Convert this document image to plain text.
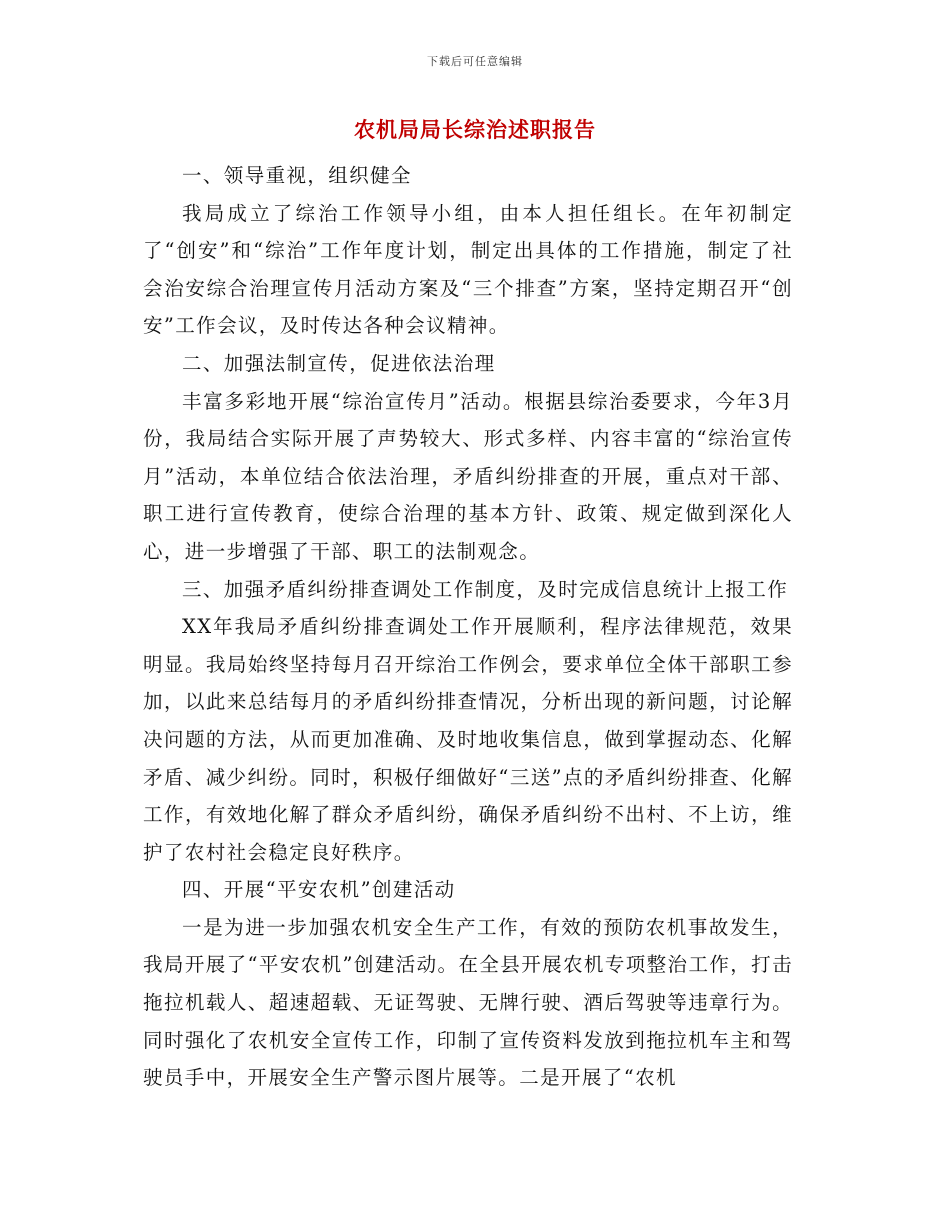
下载后可任意编辑
农机局局长综治述职报告

一、领导重视，组织健全

我局成立了综治工作领导小组，由本人担任组长。在年初制定了“创安”和“综治”工作年度计划，制定出具体的工作措施，制定了社会治安综合治理宣传月活动方案及“三个排查”方案，坚持定期召开“创安”工作会议，及时传达各种会议精神。

二、加强法制宣传，促进依法治理

丰富多彩地开展“综治宣传月”活动。根据县综治委要求，今年3月份，我局结合实际开展了声势较大、形式多样、内容丰富的“综治宣传月”活动，本单位结合依法治理，矛盾纠纷排查的开展，重点对干部、职工进行宣传教育，使综合治理的基本方针、政策、规定做到深化人心，进一步增强了干部、职工的法制观念。

三、加强矛盾纠纷排查调处工作制度，及时完成信息统计上报工作

XX年我局矛盾纠纷排查调处工作开展顺利，程序法律规范，效果明显。我局始终坚持每月召开综治工作例会，要求单位全体干部职工参加，以此来总结每月的矛盾纠纷排查情况，分析出现的新问题，讨论解决问题的方法，从而更加准确、及时地收集信息，做到掌握动态、化解矛盾、减少纠纷。同时，积极仔细做好“三送”点的矛盾纠纷排查、化解工作，有效地化解了群众矛盾纠纷，确保矛盾纠纷不出村、不上访，维护了农村社会稳定良好秩序。

四、开展“平安农机”创建活动

一是为进一步加强农机安全生产工作，有效的预防农机事故发生，我局开展了“平安农机”创建活动。在全县开展农机专项整治工作，打击拖拉机载人、超速超载、无证驾驶、无牌行驶、酒后驾驶等违章行为。同时强化了农机安全宣传工作，印制了宣传资料发放到拖拉机车主和驾驶员手中，开展安全生产警示图片展等。二是开展了“农机
